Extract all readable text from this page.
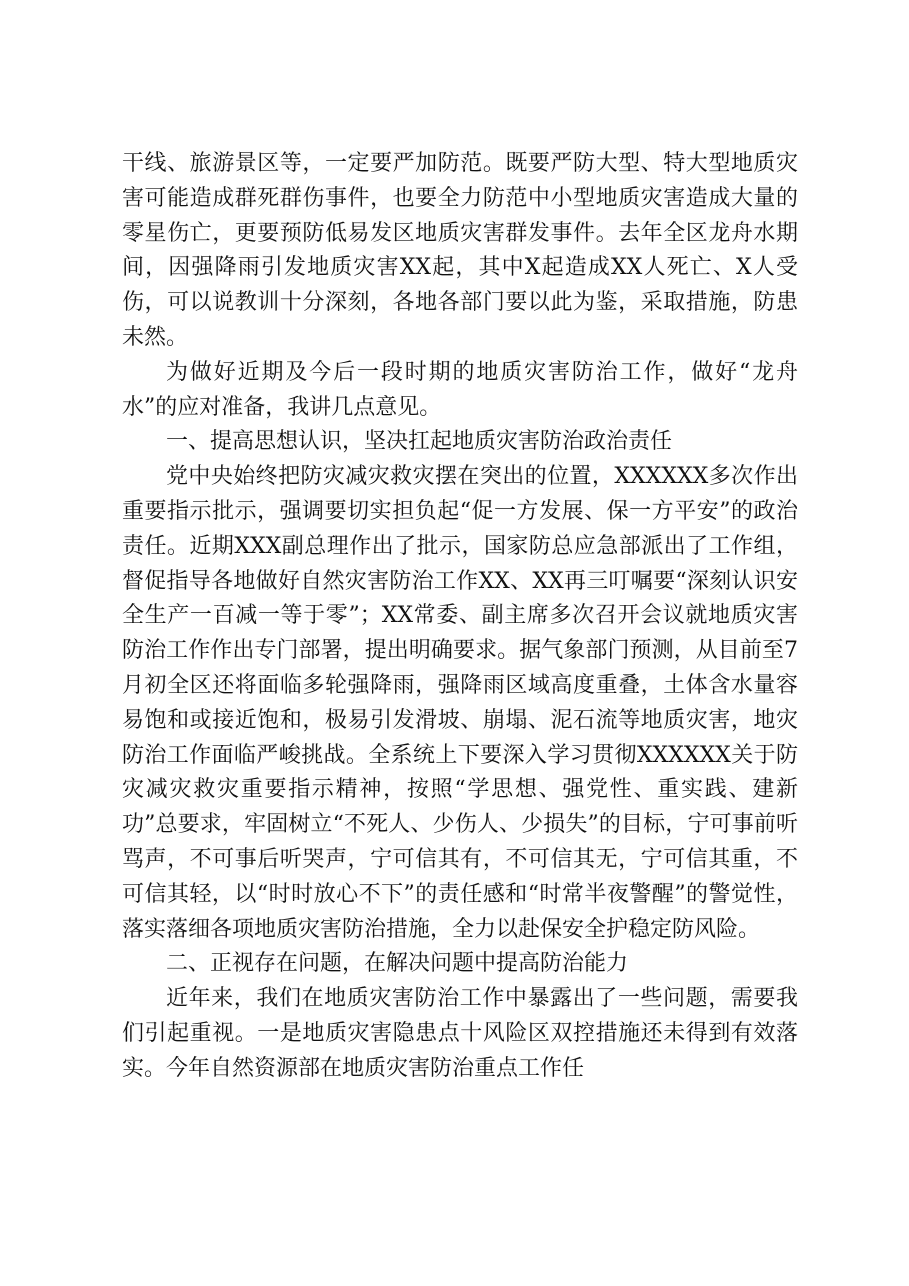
干线、旅游景区等，一定要严加防范。既要严防大型、特大型地质灾害可能造成群死群伤事件，也要全力防范中小型地质灾害造成大量的零星伤亡，更要预防低易发区地质灾害群发事件。去年全区龙舟水期间，因强降雨引发地质灾害XX起，其中X起造成XX人死亡、X人受伤，可以说教训十分深刻，各地各部门要以此为鉴，采取措施，防患未然。

为做好近期及今后一段时期的地质灾害防治工作，做好“龙舟水”的应对准备，我讲几点意见。

一、提高思想认识，坚决扛起地质灾害防治政治责任

党中央始终把防灾减灾救灾摆在突出的位置，XXXXXX多次作出重要指示批示，强调要切实担负起“促一方发展、保一方平安”的政治责任。近期XXX副总理作出了批示，国家防总应急部派出了工作组，督促指导各地做好自然灾害防治工作XX、XX再三叮嘱要“深刻认识安全生产一百减一等于零”；XX常委、副主席多次召开会议就地质灾害防治工作作出专门部署，提出明确要求。据气象部门预测，从目前至7月初全区还将面临多轮强降雨，强降雨区域高度重叠，土体含水量容易饱和或接近饱和，极易引发滑坡、崩塌、泥石流等地质灾害，地灾防治工作面临严峻挑战。全系统上下要深入学习贯彻XXXXXX关于防灾减灾救灾重要指示精神，按照“学思想、强党性、重实践、建新功”总要求，牢固树立“不死人、少伤人、少损失”的目标，宁可事前听骂声，不可事后听哭声，宁可信其有，不可信其无，宁可信其重，不可信其轻，以“时时放心不下”的责任感和“时常半夜警醒”的警觉性，落实落细各项地质灾害防治措施，全力以赴保安全护稳定防风险。

二、正视存在问题，在解决问题中提高防治能力

近年来，我们在地质灾害防治工作中暴露出了一些问题，需要我们引起重视。一是地质灾害隐患点十风险区双控措施还未得到有效落实。今年自然资源部在地质灾害防治重点工作任
